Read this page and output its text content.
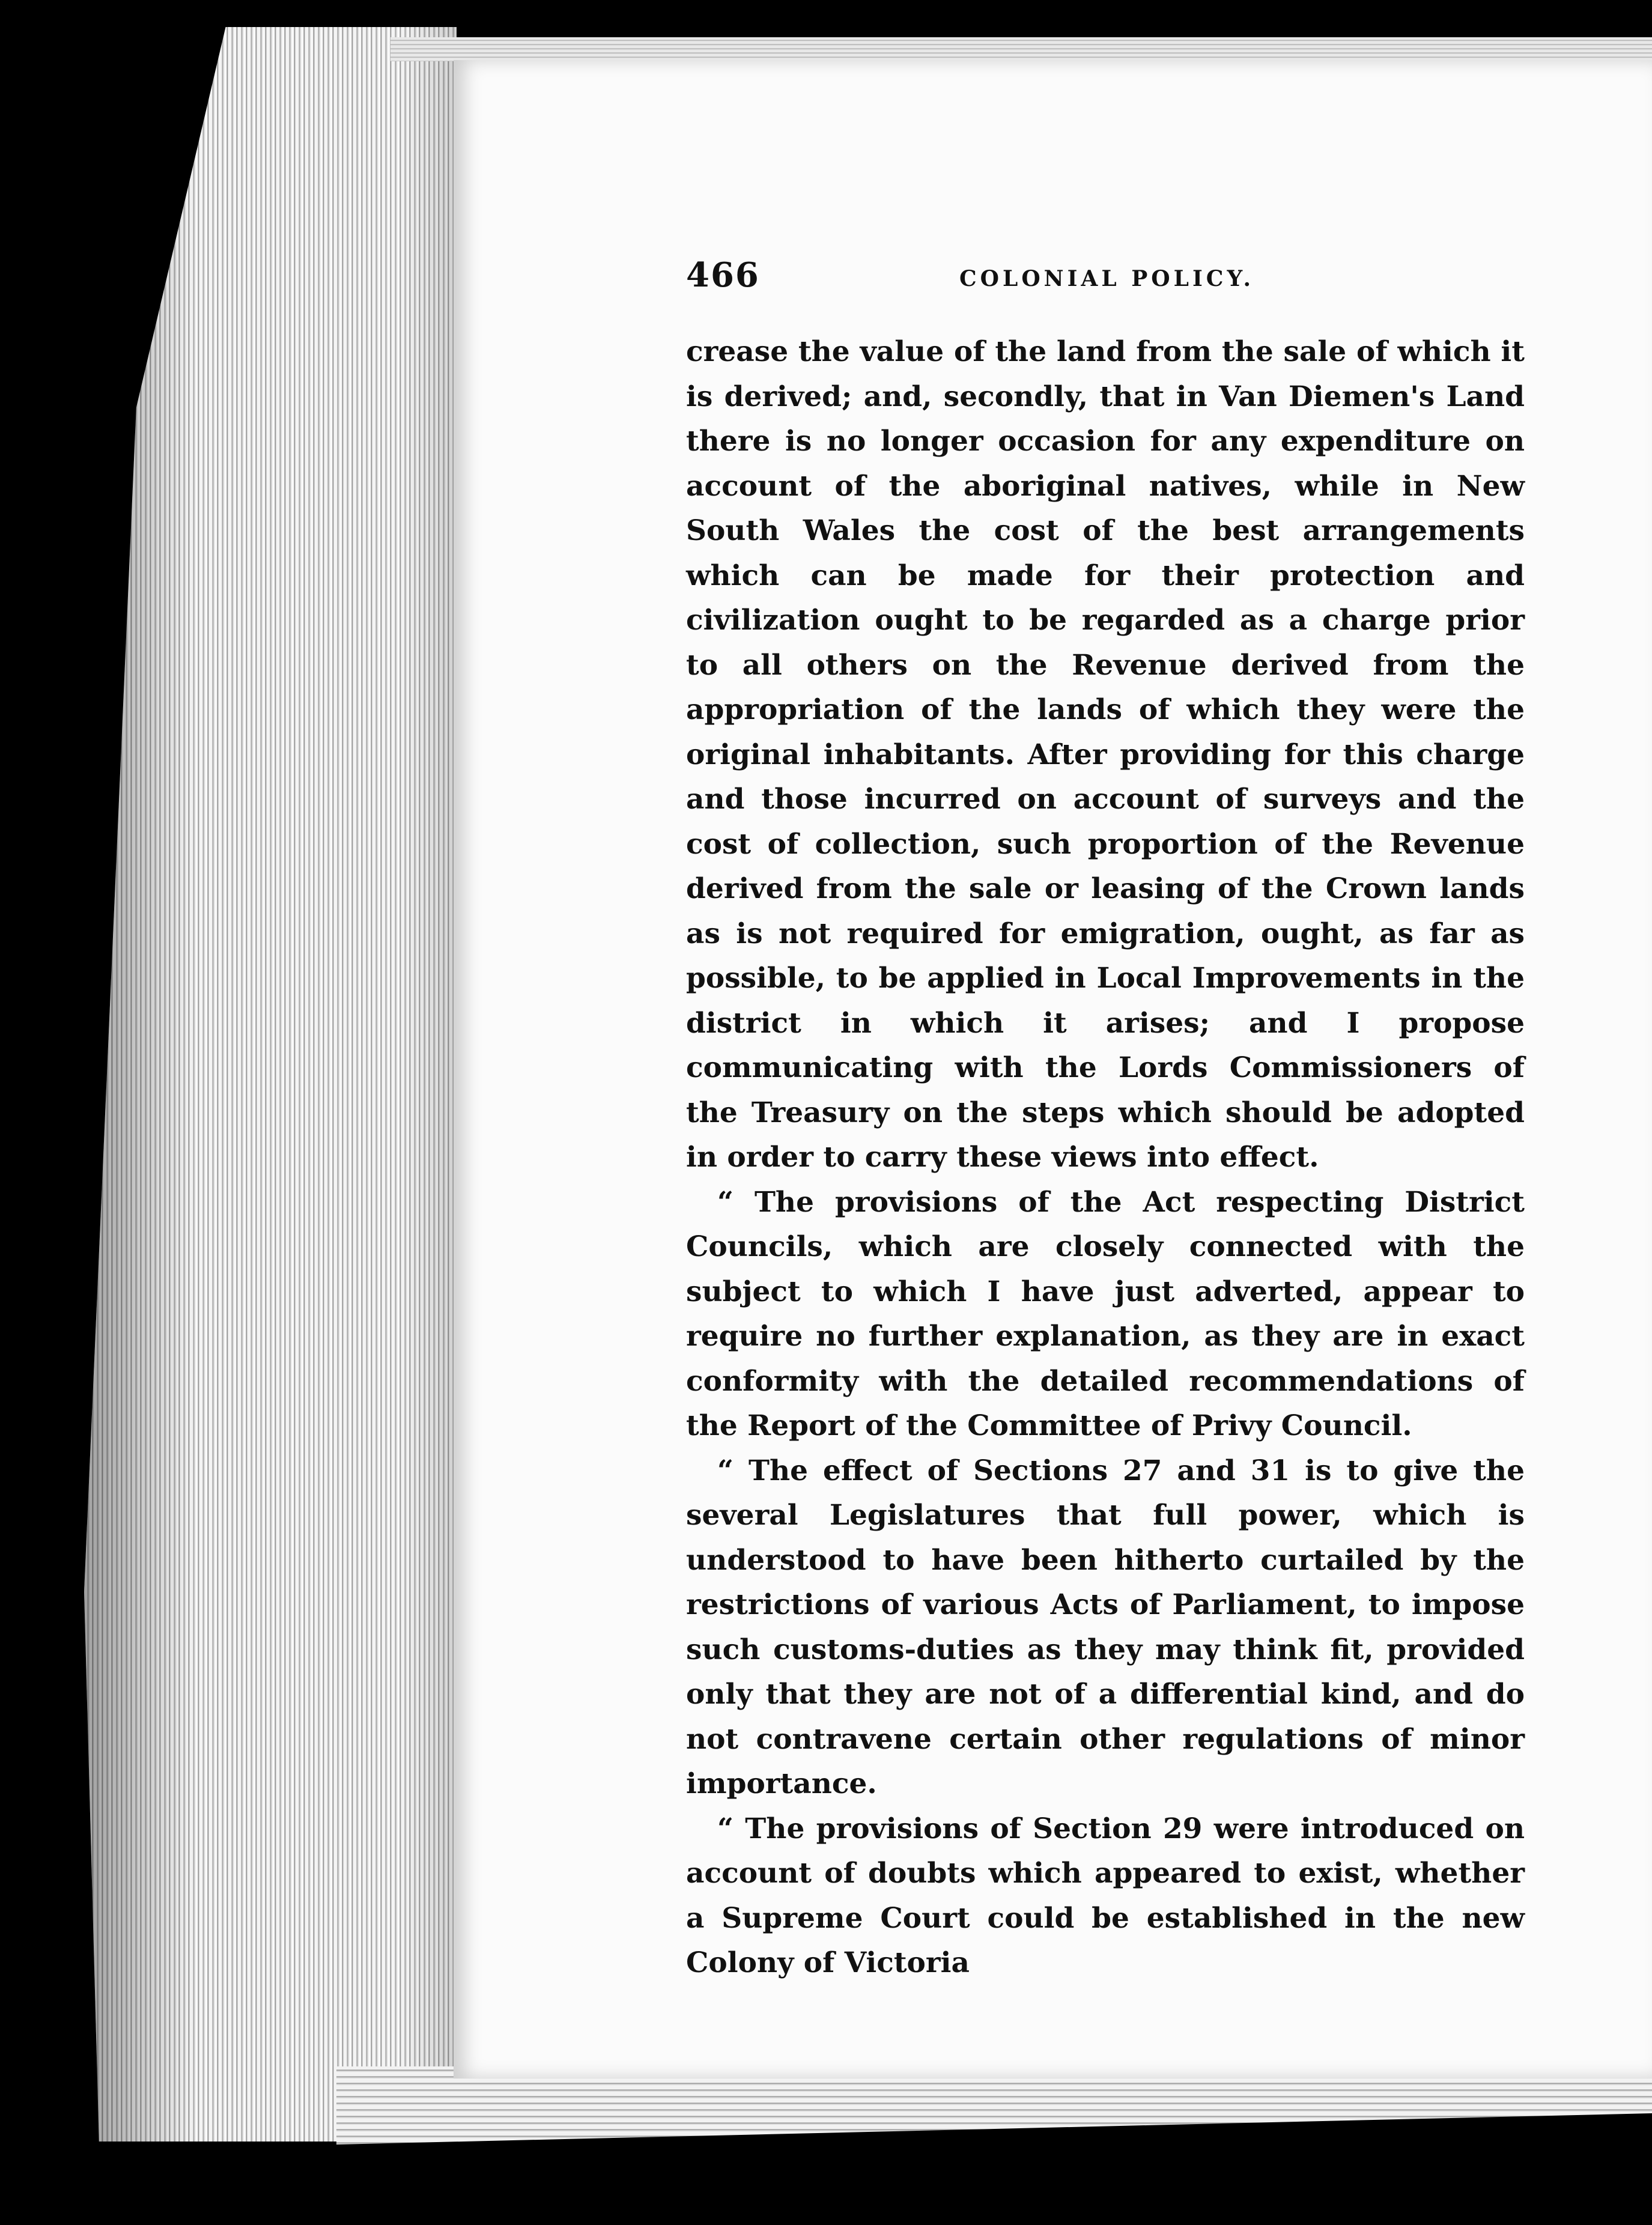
466	COLONIAL POLICY.

crease the value of the land from the sale of which it is derived; and, secondly, that in Van Diemen's Land there is no longer occasion for any expenditure on account of the aboriginal natives, while in New South Wales the cost of the best arrangements which can be made for their protection and civilization ought to be regarded as a charge prior to all others on the Revenue derived from the appropriation of the lands of which they were the original inhabitants. After providing for this charge and those incurred on account of surveys and the cost of collection, such proportion of the Revenue derived from the sale or leasing of the Crown lands as is not required for emigration, ought, as far as possible, to be applied in Local Improvements in the district in which it arises; and I propose communicating with the Lords Commissioners of the Treasury on the steps which should be adopted in order to carry these views into effect.

“ The provisions of the Act respecting District Councils, which are closely connected with the subject to which I have just adverted, appear to require no further explanation, as they are in exact conformity with the detailed recommendations of the Report of the Committee of Privy Council.

“ The effect of Sections 27 and 31 is to give the several Legislatures that full power, which is understood to have been hitherto curtailed by the restrictions of various Acts of Parliament, to impose such customs-duties as they may think fit, provided only that they are not of a differential kind, and do not contravene certain other regulations of minor importance.

“ The provisions of Section 29 were introduced on account of doubts which appeared to exist, whether a Supreme Court could be established in the new Colony of Victoria
